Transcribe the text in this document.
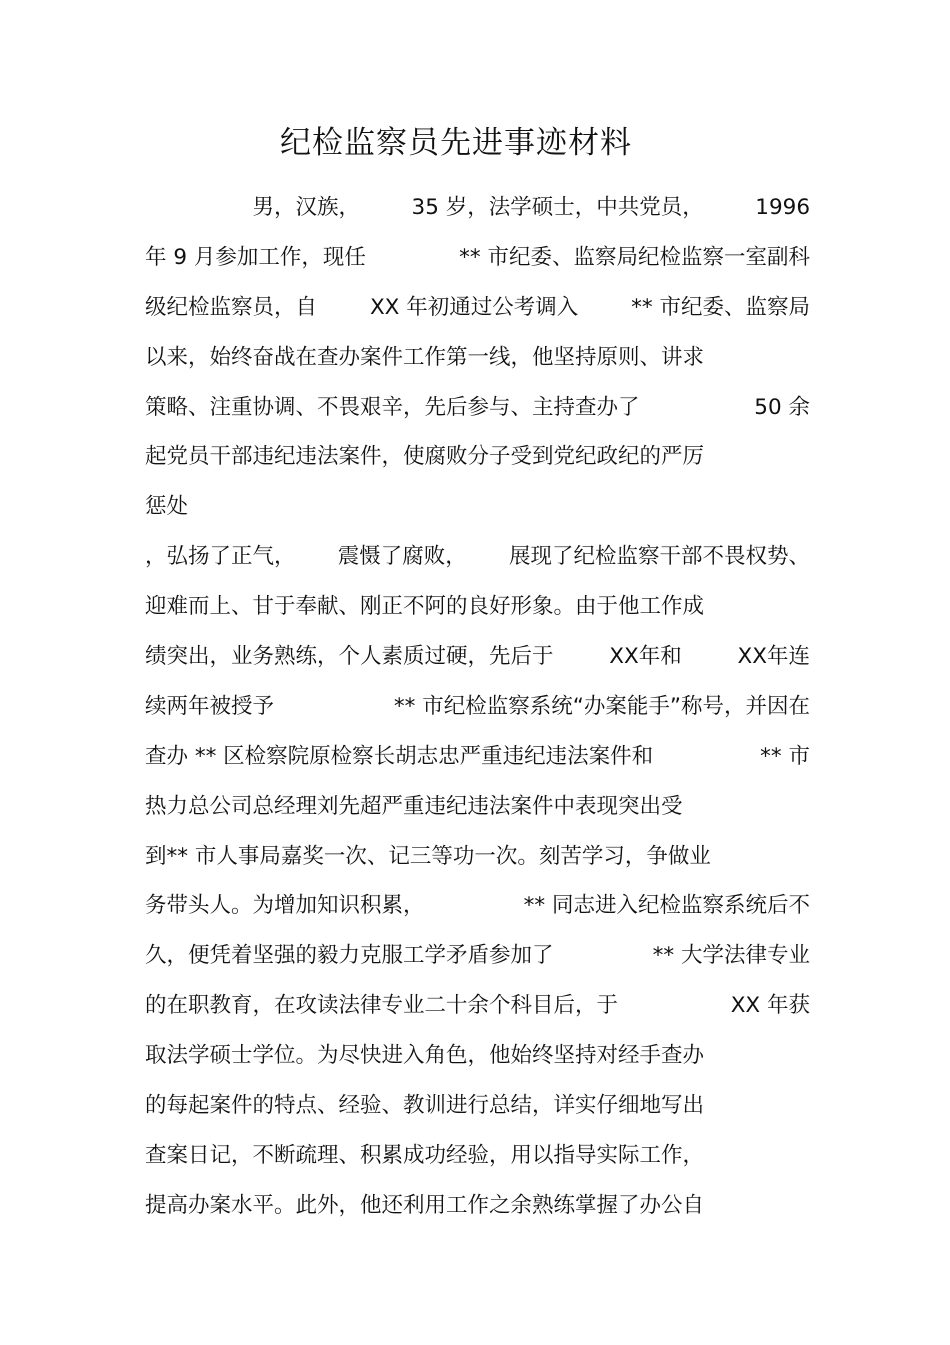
纪检监察员先进事迹材料
　　　　　男，汉族， 35 岁，法学硕士，中共党员， 1996
年 9 月参加工作，现任	** 市纪委、监察局纪检监察一室副科
级纪检监察员，自 XX 年初通过公考调入 ** 市纪委、监察局
以来，始终奋战在查办案件工作第一线，他坚持原则、讲求
策略、注重协调、不畏艰辛，先后参与、主持查办了	50 余
起党员干部违纪违法案件，使腐败分子受到党纪政纪的严厉
惩处
，弘扬了正气， 震慑了腐败， 展现了纪检监察干部不畏权势、
迎难而上、甘于奉献、刚正不阿的良好形象。由于他工作成
绩突出，业务熟练，个人素质过硬，先后于	XX年和	XX年连
续两年被授予	** 市纪检监察系统“办案能手”称号，并因在
查办 ** 区检察院原检察长胡志忠严重违纪违法案件和	** 市
热力总公司总经理刘先超严重违纪违法案件中表现突出受
到** 市人事局嘉奖一次、记三等功一次。刻苦学习，争做业
务带头人。为增加知识积累，	** 同志进入纪检监察系统后不
久，便凭着坚强的毅力克服工学矛盾参加了	** 大学法律专业
的在职教育，在攻读法律专业二十余个科目后，于	XX 年获
取法学硕士学位。为尽快进入角色，他始终坚持对经手查办
的每起案件的特点、经验、教训进行总结，详实仔细地写出
查案日记，不断疏理、积累成功经验，用以指导实际工作，
提高办案水平。此外，他还利用工作之余熟练掌握了办公自
